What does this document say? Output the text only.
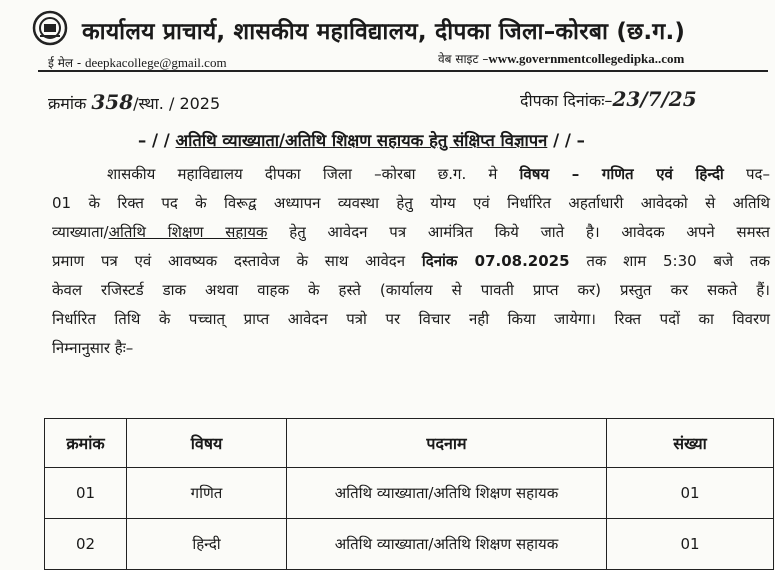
कार्यालय प्राचार्य, शासकीय महाविद्यालय, दीपका जिला–कोरबा (छ.ग.)
ई मेल - deepkacollege@gmail.com	वेब साइट –www.governmentcollegedipka..com
क्रमांक 358/स्था. / 2025	दीपका दिनांकः–23/7/25
– / / अतिथि व्याख्याता/अतिथि शिक्षण सहायक हेतु संक्षिप्त विज्ञापन / / –

शासकीय महाविद्यालय दीपका जिला –कोरबा छ.ग. मे विषय – गणित एवं हिन्दी पद–

01 के रिक्त पद के विरूद्व अध्यापन व्यवस्था हेतु योग्य एवं निर्धारित अहर्ताधारी आवेदको से अतिथि

व्याख्याता/अतिथि शिक्षण सहायक हेतु आवेदन पत्र आमंत्रित किये जाते है। आवेदक अपने समस्त

प्रमाण पत्र एवं आवष्यक दस्तावेज के साथ आवेदन दिनांक 07.08.2025 तक शाम 5:30 बजे तक

केवल रजिस्टर्ड डाक अथवा वाहक के हस्ते (कार्यालय से पावती प्राप्त कर) प्रस्तुत कर सकते हैं।

निर्धारित तिथि के पच्चात् प्राप्त आवेदन पत्रो पर विचार नही किया जायेगा। रिक्त पदों का विवरण

निम्नानुसार हैः–

क्रमांक	विषय	पदनाम	संख्या
01	गणित	अतिथि व्याख्याता/अतिथि शिक्षण सहायक	01
02	हिन्दी	अतिथि व्याख्याता/अतिथि शिक्षण सहायक	01
